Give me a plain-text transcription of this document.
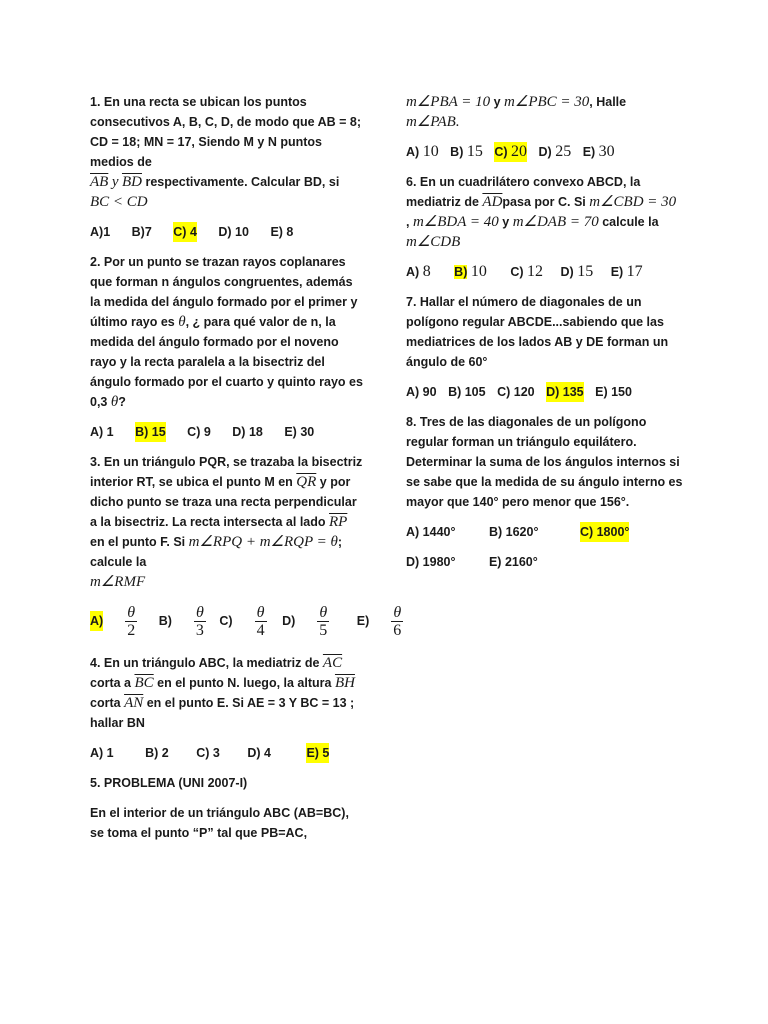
1. En una recta se ubican los puntos consecutivos A, B, C, D, de modo que AB = 8; CD = 18; MN = 17, Siendo M y N puntos medios de
$\overline{AB}$ y $\overline{BD}$ respectivamente. Calcular BD, si
BC < CD
A)1 B)7 C) 4 D) 10 E) 8
2. Por un punto se trazan rayos coplanares que forman n ángulos congruentes, además la medida del ángulo formado por el primer y último rayo es θ, ¿ para qué valor de n, la medida del ángulo formado por el noveno rayo y la recta paralela a la bisectriz del ángulo formado por el cuarto y quinto rayo es 0,3 θ?
A) 1 B) 15 C) 9 D) 18 E) 30
3. En un triángulo PQR, se trazaba la bisectriz interior RT, se ubica el punto M en $\overline{QR}$ y por dicho punto se traza una recta perpendicular a la bisectriz. La recta intersecta al lado $\overline{RP}$ en el punto F. Si m∠RPQ + m∠RQP = θ; calcule la
m∠RMF
$A) \frac{\theta}{2} B) \frac{\theta}{3} C) \frac{\theta}{4} D) \frac{\theta}{5} E) \frac{\theta}{6}$
4. En un triángulo ABC, la mediatriz de $\overline{AC}$
corta a $\overline{BC}$ en el punto N. luego, la altura $\overline{BH}$
corta $\overline{AN}$ en el punto E. Si AE = 3 Y BC = 13 ; hallar BN
A) 1	B) 2 C) 3 D) 4	E) 5
5. PROBLEMA (UNI 2007-I)
En el interior de un triángulo ABC (AB=BC), se toma el punto “P” tal que PB=AC,
m∠PBA = 10 y m∠PBC = 30, Halle
m∠PAB.
A) 10 B) 15 C) 20 D) 25 E) 30
6. En un cuadrilátero convexo ABCD, la mediatriz de $\overline{AD}pasa$ por C. Si m∠CBD = 30
, m∠BDA = 40 y m∠DAB = 70 calcule la
m∠CDB
A) 8 B) 10 C) 12 D) 15 E) 17
7. Hallar el número de diagonales de un polígono regular ABCDE...sabiendo que las mediatrices de los lados AB y DE forman un ángulo de 60°
A) 90 B) 105 C) 120 D) 135 E) 150
8. Tres de las diagonales de un polígono regular forman un triángulo equilátero. Determinar la suma de los ángulos internos si se sabe que la medida de su ángulo interno es mayor que 140° pero menor que 156°.
A) 1440°	B) 1620°	C) 1800°
D) 1980°	E) 2160°
